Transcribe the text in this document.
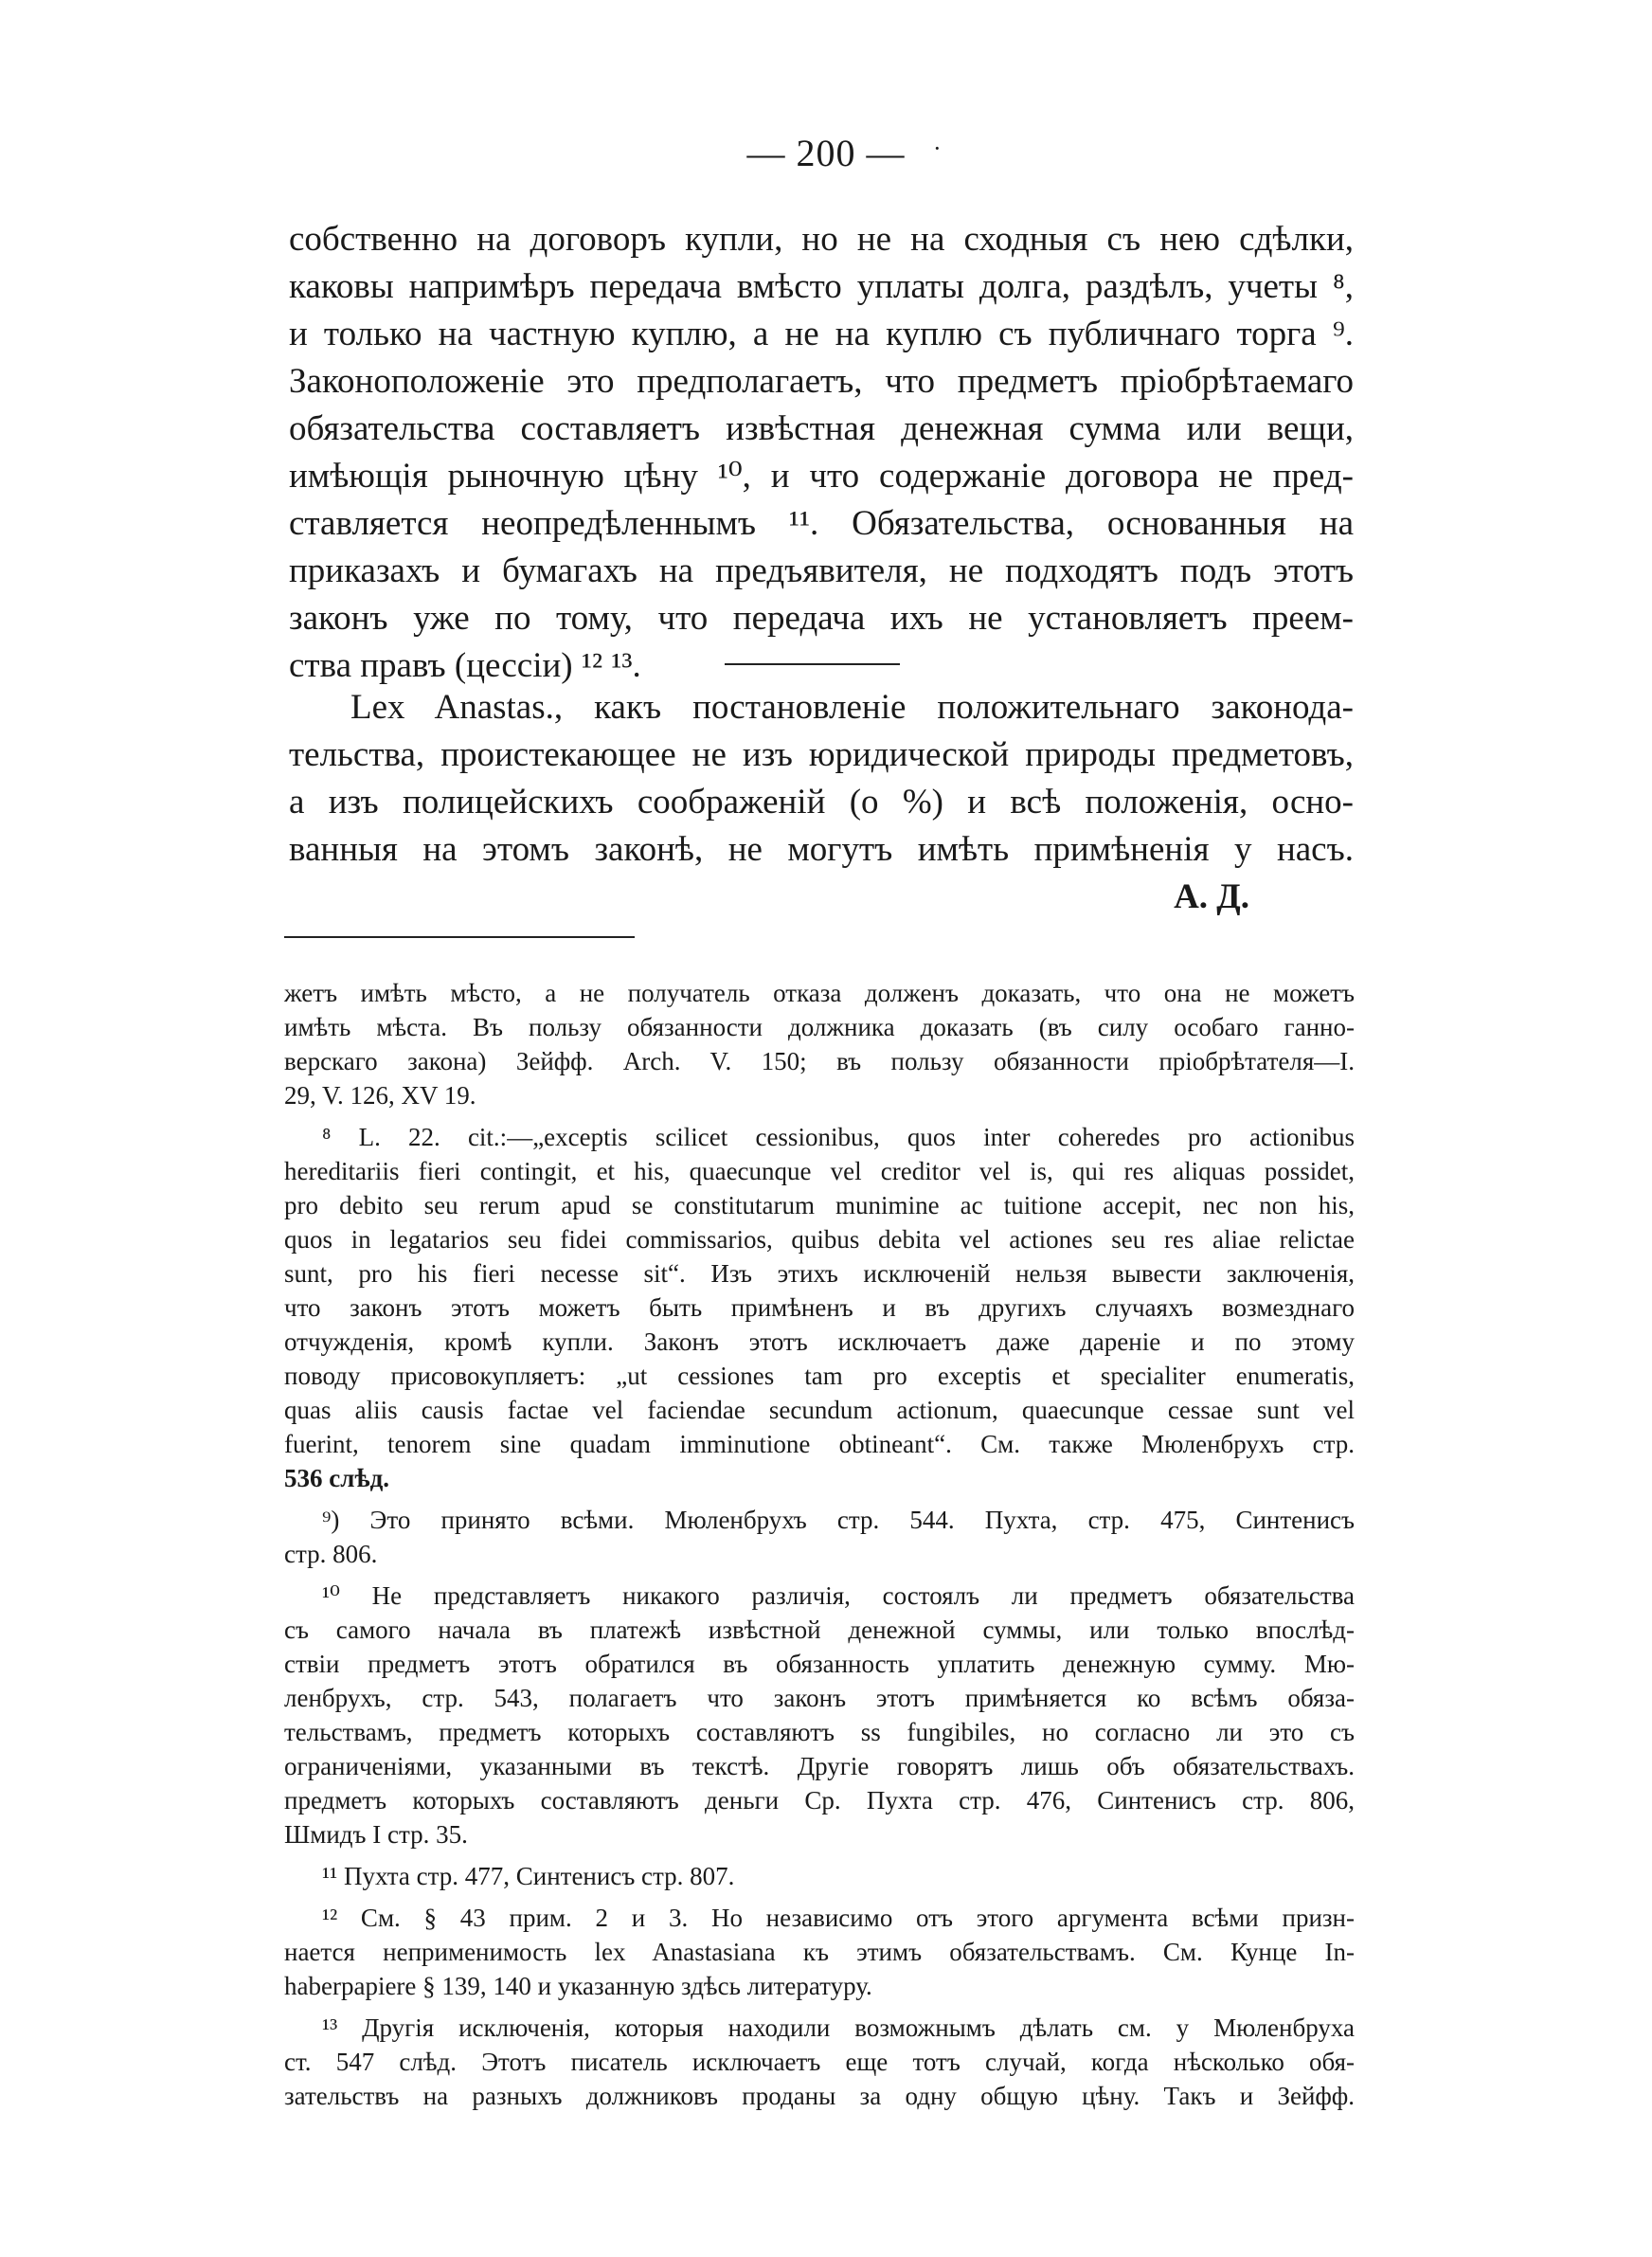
— 200 — ·
собственно на договоръ купли, но не на сходныя съ нею сдѣлки,
каковы напримѣръ передача вмѣсто уплаты долга, раздѣлъ, учеты ⁸,
и только на частную куплю, а не на куплю съ публичнаго торга ⁹.
Законоположеніе это предполагаетъ, что предметъ пріобрѣтаемаго
обязательства составляетъ извѣстная денежная сумма или вещи,
имѣющія рыночную цѣну ¹⁰, и что содержаніе договора не пред-
ставляется неопредѣленнымъ ¹¹. Обязательства, основанныя на
приказахъ и бумагахъ на предъявителя, не подходятъ подъ этотъ
законъ уже по тому, что передача ихъ не установляетъ преем-
ства правъ (цессіи) ¹² ¹³.
Lex Anastas., какъ постановленіе положительнаго законода-
тельства, проистекающее не изъ юридической природы предметовъ,
а изъ полицейскихъ соображеній (о %) и всѣ положенія, осно-
ванныя на этомъ законѣ, не могутъ имѣть примѣненія у насъ.
А. Д.
жетъ имѣть мѣсто, а не получатель отказа долженъ доказать, что она не можетъ
имѣть мѣста. Въ пользу обязанности должника доказать (въ силу особаго ганно-
верскаго закона) Зейфф. Arch. V. 150; въ пользу обязанности пріобрѣтателя—I.
29, V. 126, XV 19.
⁸ L. 22. cit.:—„exceptis scilicet cessionibus, quos inter coheredes pro actionibus
hereditariis fieri contingit, et his, quaecunque vel creditor vel is, qui res aliquas possidet,
pro debito seu rerum apud se constitutarum munimine ac tuitione accepit, nec non his,
quos in legatarios seu fidei commissarios, quibus debita vel actiones seu res aliae relictae
sunt, pro his fieri necesse sit“. Изъ этихъ исключеній нельзя вывести заключенія,
что законъ этотъ можетъ быть примѣненъ и въ другихъ случаяхъ возмезднаго
отчужденія, кромѣ купли. Законъ этотъ исключаетъ даже дареніе и по этому
поводу присовокупляетъ: „ut cessiones tam pro exceptis et specialiter enumeratis,
quas aliis causis factae vel faciendae secundum actionum, quaecunque cessae sunt vel
fuerint, tenorem sine quadam imminutione obtineant“. См. также Мюленбрухъ стр.
536 слѣд.
⁹) Это принято всѣми. Мюленбрухъ стр. 544. Пухта, стр. 475, Синтенисъ
стр. 806.
¹⁰ Не представляетъ никакого различія, состоялъ ли предметъ обязательства
съ самого начала въ платежѣ извѣстной денежной суммы, или только впослѣд-
ствіи предметъ этотъ обратился въ обязанность уплатить денежную сумму. Мю-
ленбрухъ, стр. 543, полагаетъ что законъ этотъ примѣняется ко всѣмъ обяза-
тельствамъ, предметъ которыхъ составляютъ ss fungibiles, но согласно ли это съ
ограниченіями, указанными въ текстѣ. Другіе говорятъ лишь объ обязательствахъ.
предметъ которыхъ составляютъ деньги Ср. Пухта стр. 476, Синтенисъ стр. 806,
Шмидъ I стр. 35.
¹¹ Пухта стр. 477, Синтенисъ стр. 807.
¹² См. § 43 прим. 2 и 3. Но независимо отъ этого аргумента всѣми призн-
нается неприменимость lex Anastasiana къ этимъ обязательствамъ. См. Кунце In-
haberpapiere § 139, 140 и указанную здѣсь литературу.
¹³ Другія исключенія, которыя находили возможнымъ дѣлать см. у Мюленбруха
ст. 547 слѣд. Этотъ писатель исключаетъ еще тотъ случай, когда нѣсколько обя-
зательствъ на разныхъ должниковъ проданы за одну общую цѣну. Такъ и Зейфф.
